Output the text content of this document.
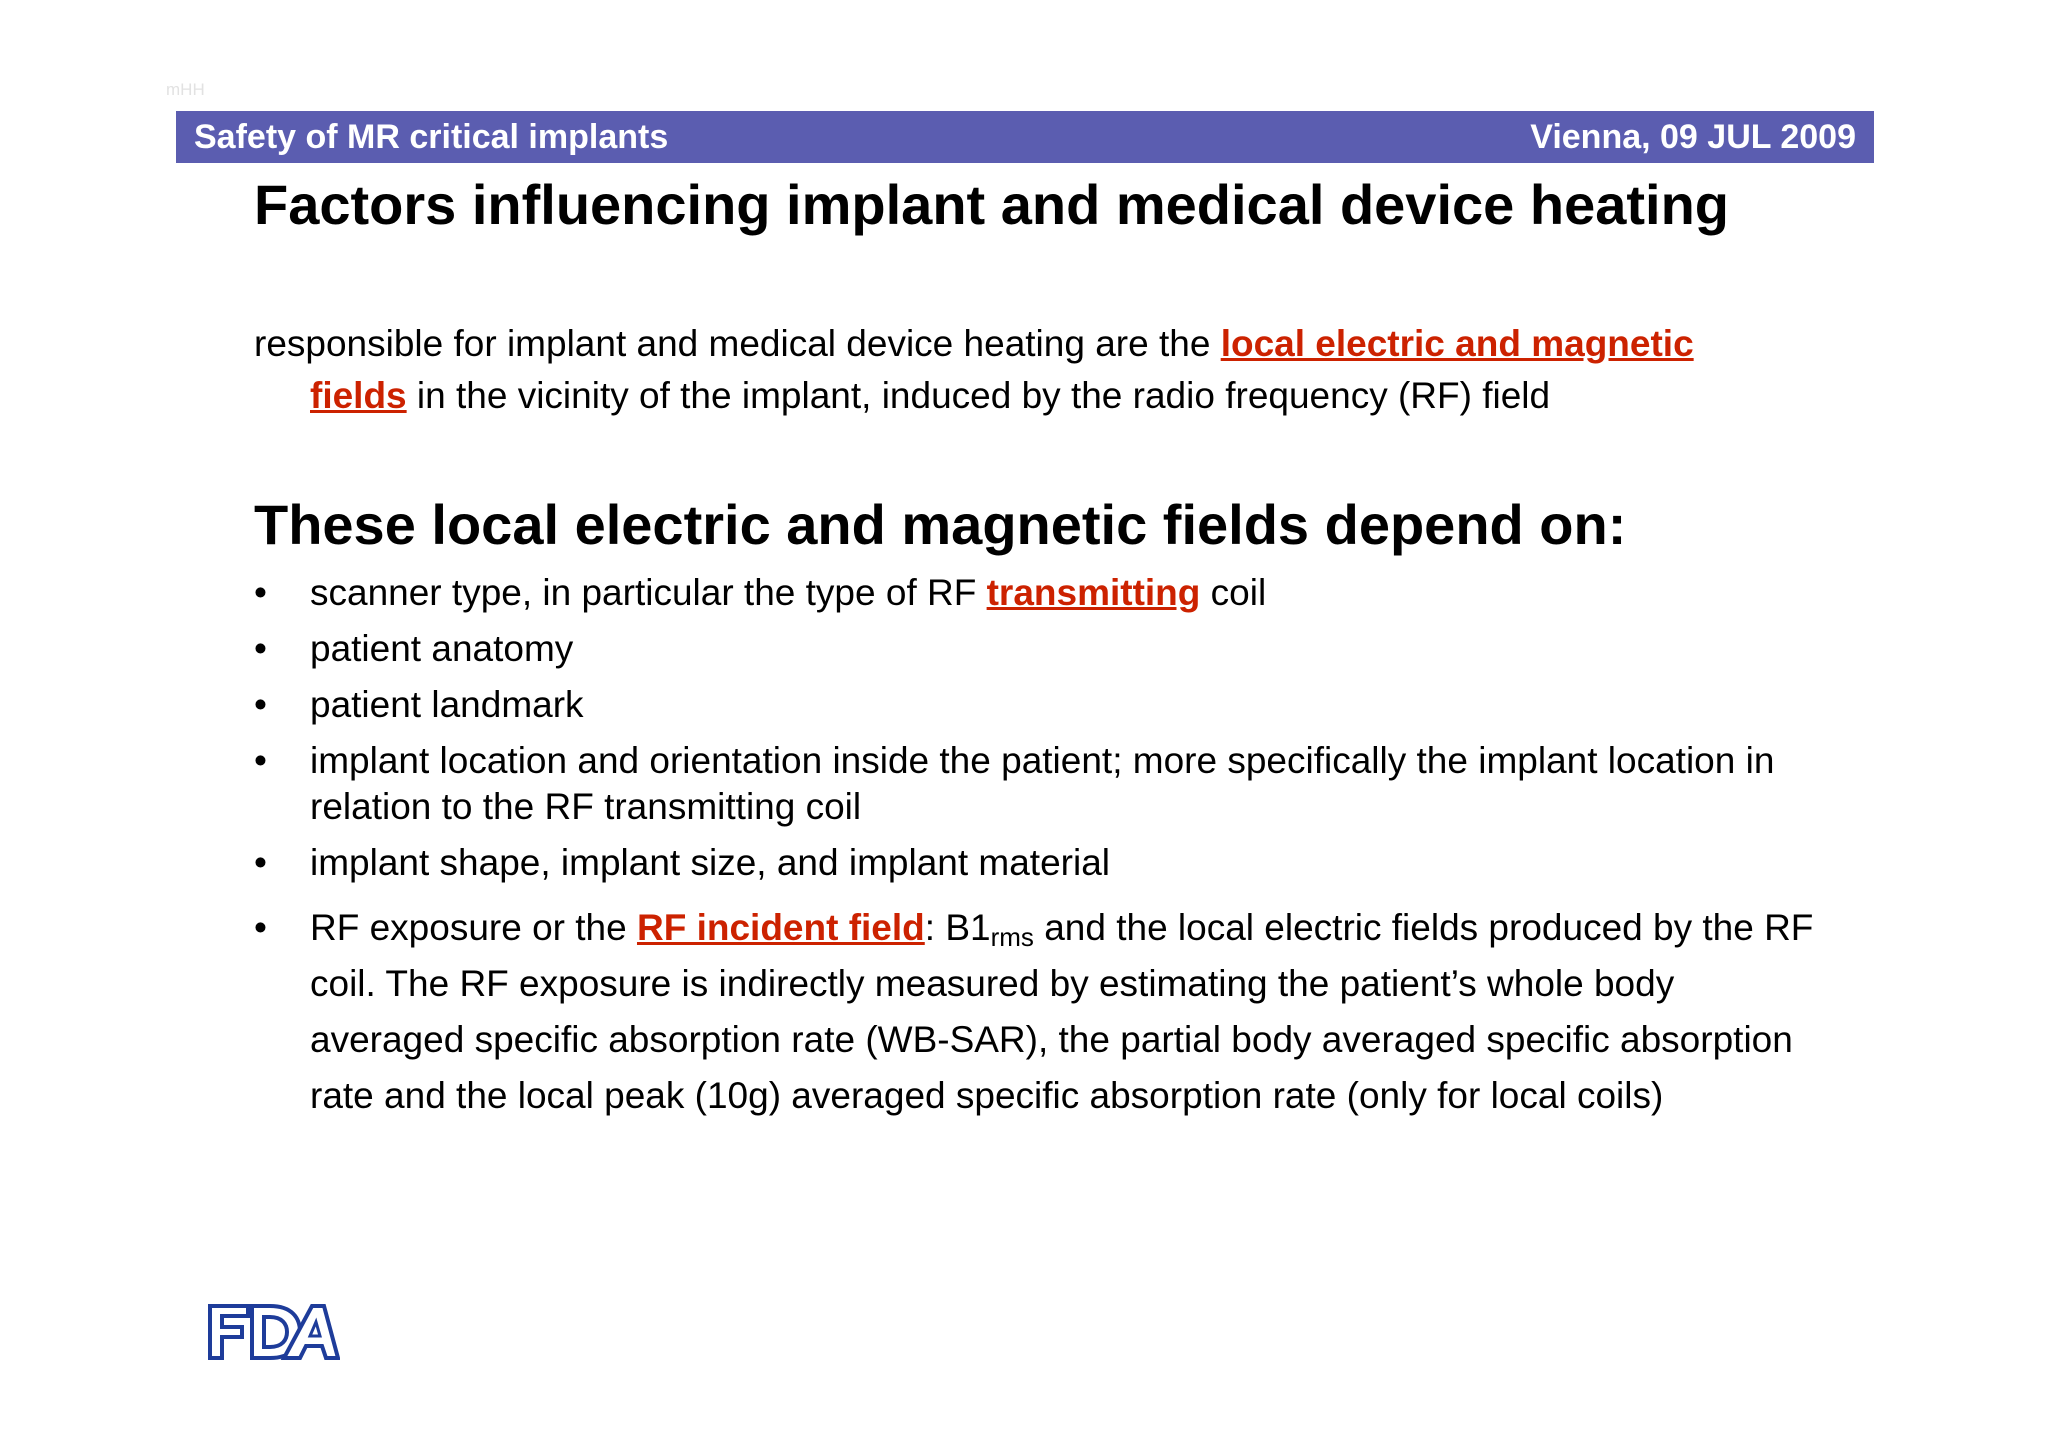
mHH
Safety of MR critical implants	Vienna, 09 JUL 2009
Factors influencing implant and medical device heating
responsible for implant and medical device heating are the local electric and magnetic
fields in the vicinity of the implant, induced by the radio frequency (RF) field
These local electric and magnetic fields depend on:
• scanner type, in particular the type of RF transmitting coil
• patient anatomy
• patient landmark
• implant location and orientation inside the patient; more specifically the implant location in relation to the RF transmitting coil
• implant shape, implant size, and implant material
• RF exposure or the RF incident field: $B1_{rms}$ and the local electric fields produced by the RF coil. The RF exposure is indirectly measured by estimating the patient’s whole body averaged specific absorption rate (WB-SAR), the partial body averaged specific absorption rate and the local peak (10g) averaged specific absorption rate (only for local coils)
FDA
